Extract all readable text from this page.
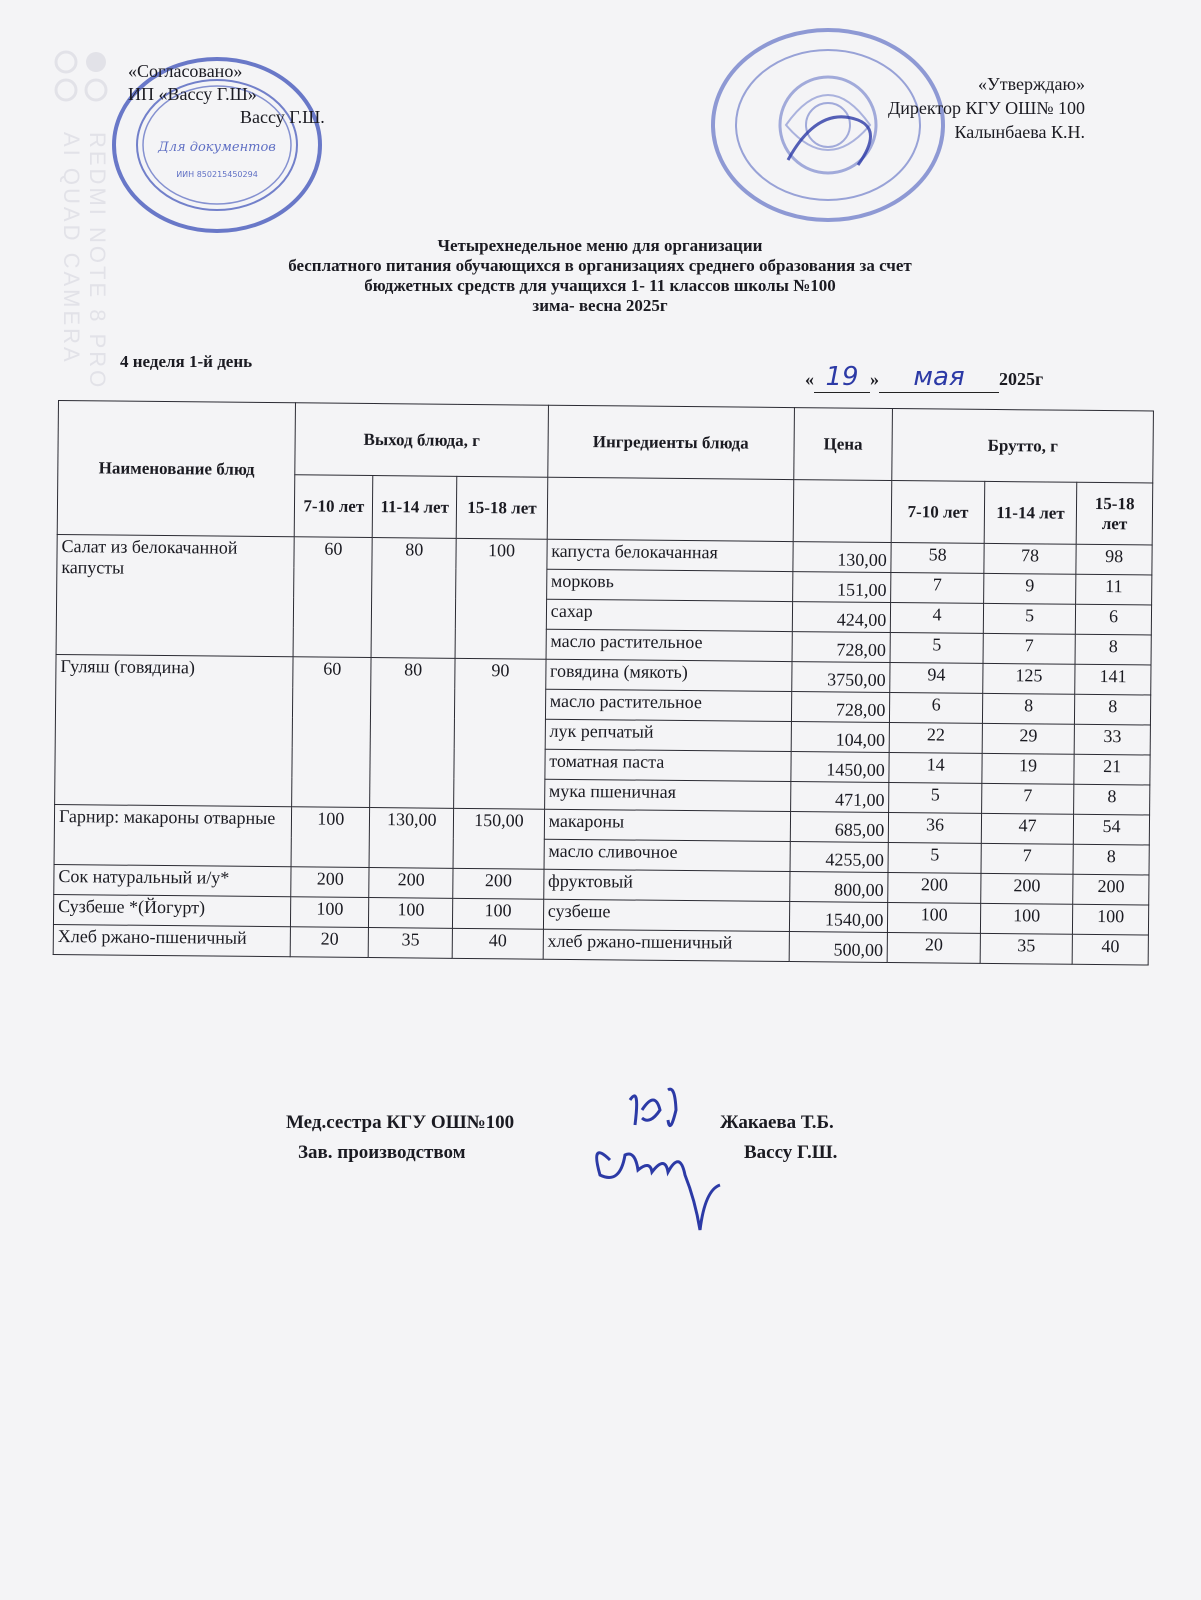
REDMI NOTE 8 PRO
AI QUAD CAMERA	Для документов
ИИН 850215450294
«Согласовано»
ИП «Вассу Г.Ш»
Вассу Г.Ш.
«Утверждаю»
Директор КГУ ОШ№ 100
Калынбаева К.Н.
Четырехнедельное меню для организации
бесплатного питания обучающихся в организациях среднего образования за счет
бюджетных средств для учащихся 1- 11 классов школы №100
зима- весна 2025г
4 неделя 1-й день
« 19 » мая 2025г
Наименование блюд	Выход блюда, г			Ингредиенты блюда	Цена	Брутто, г		
	7-10 лет	11-14 лет	15-18 лет			7-10 лет	11-14 лет	15-18 лет
Салат из белокачанной капусты	60	80	100	капуста белокачанная	130,00	58	78	98
				морковь	151,00	7	9	11
				сахар	424,00	4	5	6
				масло растительное	728,00	5	7	8
Гуляш (говядина)	60	80	90	говядина (мякоть)	3750,00	94	125	141
				масло растительное	728,00	6	8	8
				лук репчатый	104,00	22	29	33
				томатная паста	1450,00	14	19	21
				мука пшеничная	471,00	5	7	8
Гарнир: макароны отварные	100	130,00	150,00	макароны	685,00	36	47	54
				масло сливочное	4255,00	5	7	8
Сок натуральный и/у*	200	200	200	фруктовый	800,00	200	200	200
Сузбеше *(Йогурт)	100	100	100	сузбеше	1540,00	100	100	100
Хлеб ржано-пшеничный	20	35	40	хлеб ржано-пшеничный	500,00	20	35	40
Мед.сестра КГУ ОШ№100
Зав. производством
Жакаева Т.Б.
Вассу Г.Ш.
